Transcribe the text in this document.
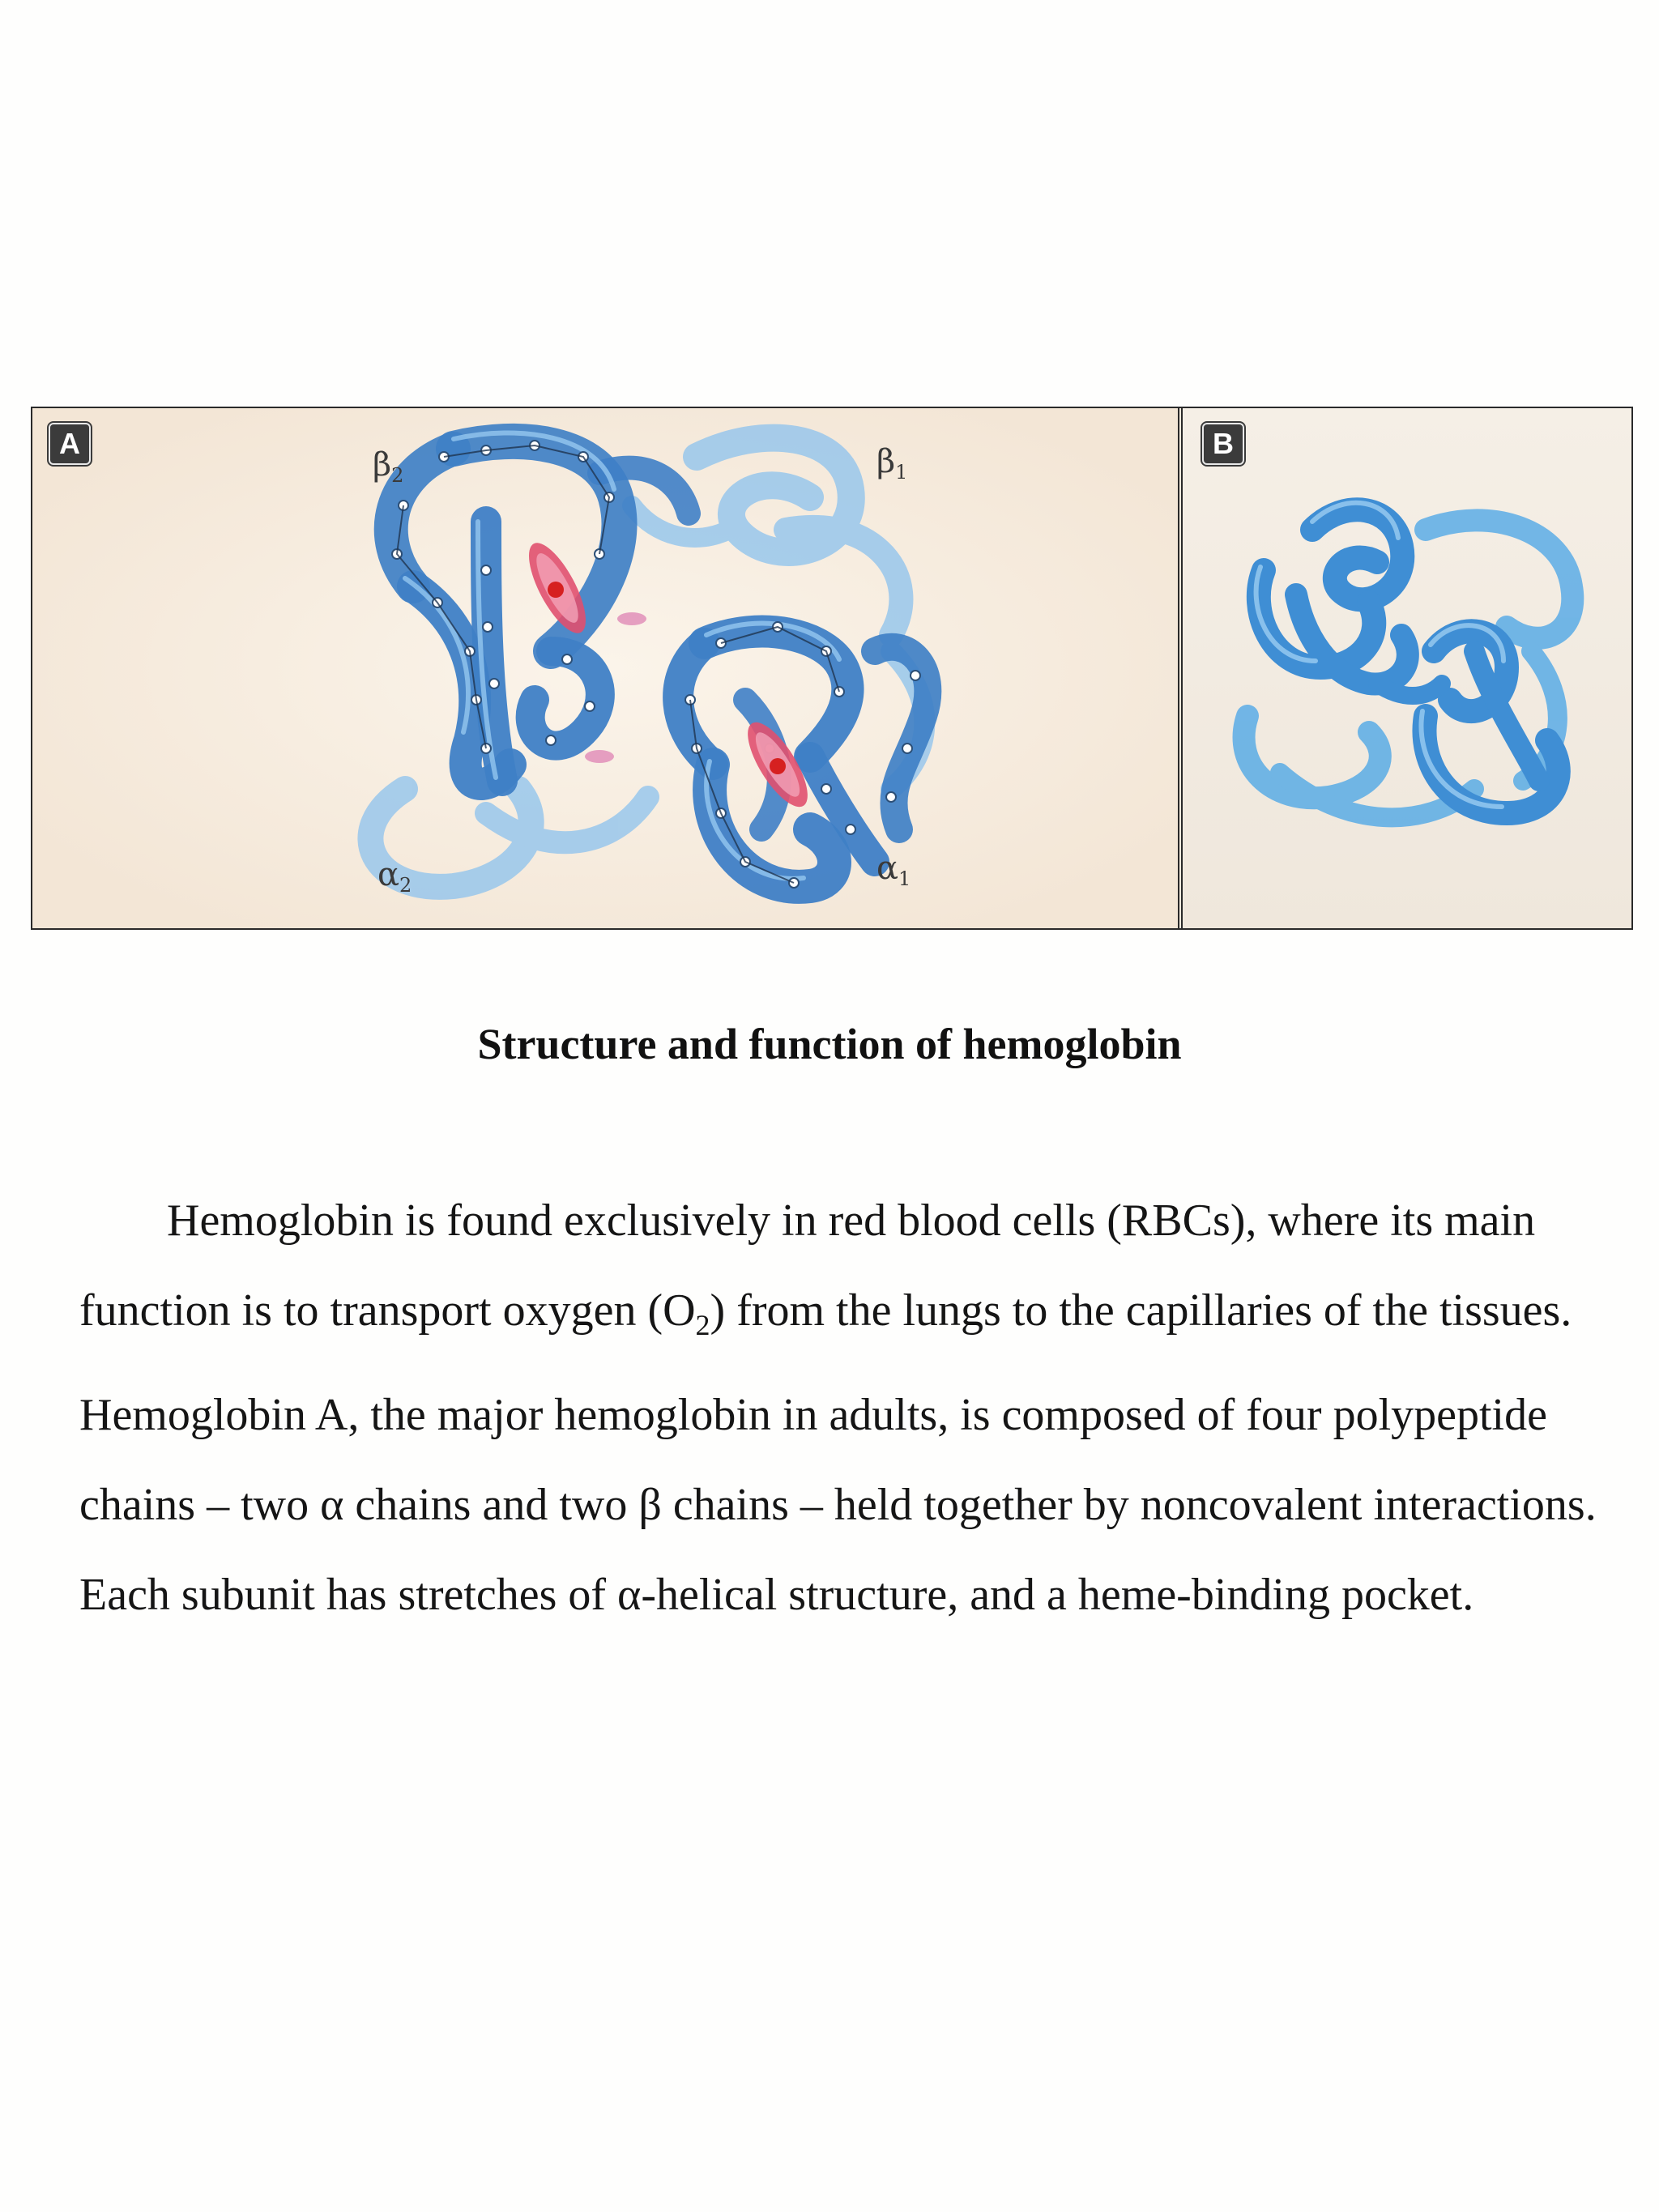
A
$\beta_2$	$\beta_1$
$\alpha_2$	$\alpha_1$
B
Structure and function of hemoglobin

Hemoglobin is found exclusively in red blood cells (RBCs), where its main function is to transport oxygen $(O_2)$ from the lungs to the capillaries of the tissues. Hemoglobin A, the major hemoglobin in adults, is composed of four polypeptide chains – two α chains and two β chains – held together by noncovalent interactions. Each subunit has stretches of α-helical structure, and a heme-binding pocket.
